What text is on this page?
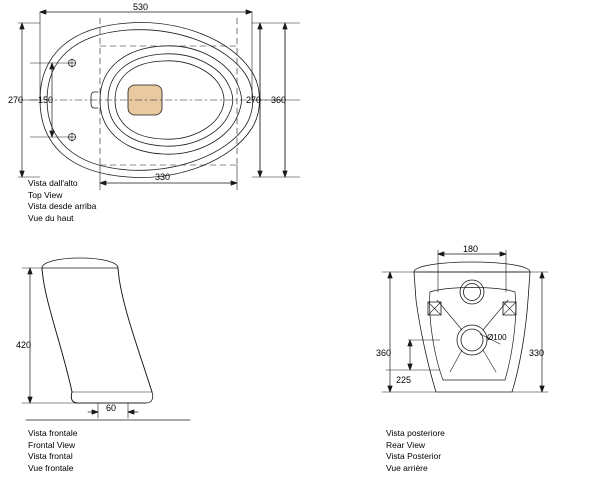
530
270 150	270 360
330
420
60
180
360
225
330
Ø100
Vista dall'alto
Top View
Vista desde arriba
Vue du haut
Vista frontale
Frontal View
Vista frontal
Vue frontale
Vista posteriore
Rear View
Vista Posterior
Vue arrière
